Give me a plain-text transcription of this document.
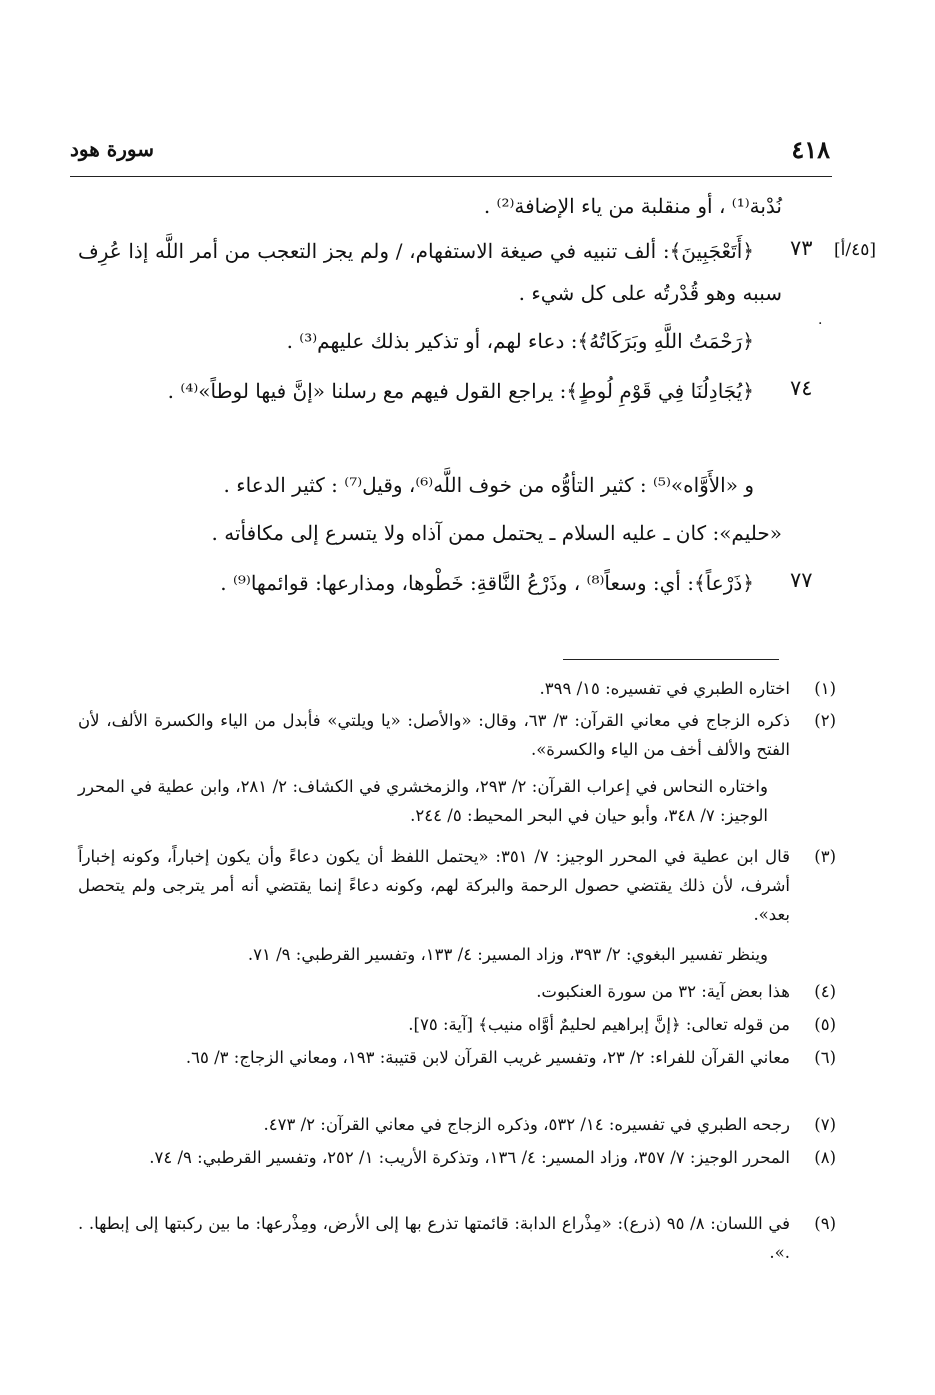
٤١٨
سورة هود
نُدْبة⁽¹⁾ ، أو منقلبة من ياء الإضافة⁽²⁾ .
[٤٥/أ]
٧٣
﴿أَتَعْجَبِينَ﴾: ألف تنبيه في صيغة الاستفهام، / ولم يجز التعجب من أمر اللَّه إذا عُرِف سببه وهو قُدْرتُه على كل شيء .
·
﴿رَحْمَتُ اللَّهِ وبَرَكَاتُهُ﴾: دعاء لهم، أو تذكير بذلك عليهم⁽³⁾ .
٧٤
﴿يُجَادِلُنَا فِي قَوْمِ لُوطٍ﴾: يراجع القول فيهم مع رسلنا «إنَّ فيها لوطاً»⁽⁴⁾ .
و «الأَوَّاه»⁽⁵⁾ : كثير التأوُّه من خوف اللَّه⁽⁶⁾، وقيل⁽⁷⁾ : كثير الدعاء .
«حليم»: كان ـ عليه السلام ـ يحتمل ممن آذاه ولا يتسرع إلى مكافأته .
٧٧
﴿ذَرْعاً﴾: أي: وسعاً⁽⁸⁾ ، وذَرْعُ النَّاقةِ: خَطْوها، ومذارعها: قوائمها⁽⁹⁾ .
(١)
اختاره الطبري في تفسيره: ١٥/ ٣٩٩.
(٢)
ذكره الزجاج في معاني القرآن: ٣/ ٦٣، وقال: «والأصل: «يا ويلتي» فأبدل من الياء والكسرة الألف، لأن الفتح والألف أخف من الياء والكسرة».
واختاره النحاس في إعراب القرآن: ٢/ ٢٩٣، والزمخشري في الكشاف: ٢/ ٢٨١، وابن عطية في المحرر الوجيز: ٧/ ٣٤٨، وأبو حيان في البحر المحيط: ٥/ ٢٤٤.
(٣)
قال ابن عطية في المحرر الوجيز: ٧/ ٣٥١: «يحتمل اللفظ أن يكون دعاءً وأن يكون إخباراً، وكونه إخباراً أشرف، لأن ذلك يقتضي حصول الرحمة والبركة لهم، وكونه دعاءً إنما يقتضي أنه أمر يترجى ولم يتحصل بعد».
وينظر تفسير البغوي: ٢/ ٣٩٣، وزاد المسير: ٤/ ١٣٣، وتفسير القرطبي: ٩/ ٧١.
(٤)
هذا بعض آية: ٣٢ من سورة العنكبوت.
(٥)
من قوله تعالى: ﴿إنَّ إبراهيم لحليمٌ أوَّاه منيب﴾ [آية: ٧٥].
(٦)
معاني القرآن للفراء: ٢/ ٢٣، وتفسير غريب القرآن لابن قتيبة: ١٩٣، ومعاني الزجاج: ٣/ ٦٥.
(٧)
رجحه الطبري في تفسيره: ١٤/ ٥٣٢، وذكره الزجاج في معاني القرآن: ٢/ ٤٧٣.
(٨)
المحرر الوجيز: ٧/ ٣٥٧، وزاد المسير: ٤/ ١٣٦، وتذكرة الأريب: ١/ ٢٥٢، وتفسير القرطبي: ٩/ ٧٤.
(٩)
في اللسان: ٨/ ٩٥ (ذرع): «مِذْراع الدابة: قائمتها تذرع بها إلى الأرض، ومِذْرعها: ما بين ركبتها إلى إبطها. . .».
